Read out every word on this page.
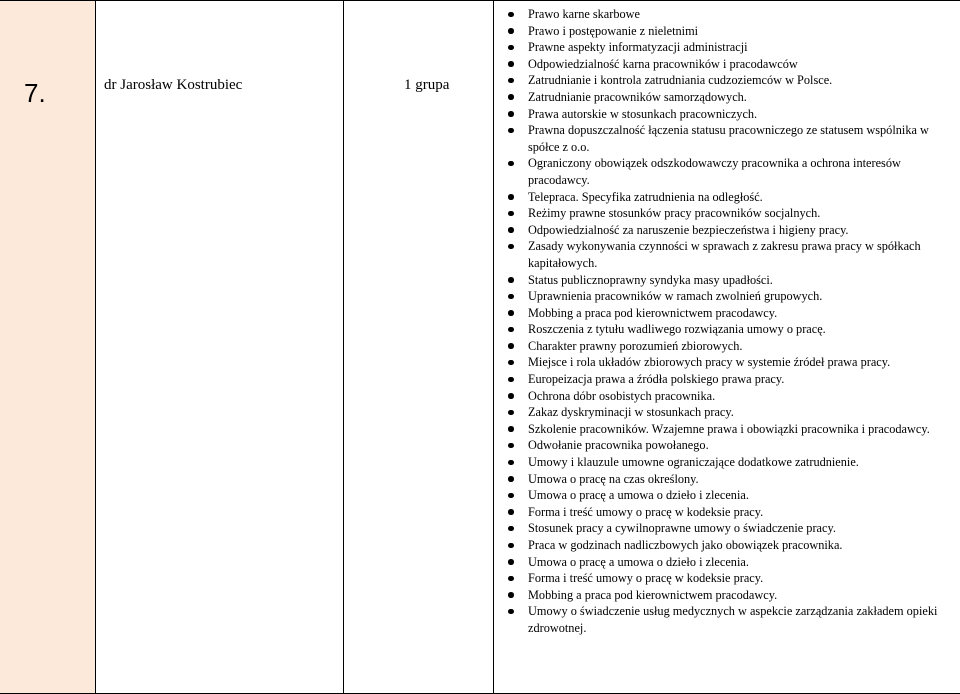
7.	dr Jarosław Kostrubiec	1 grupa
Prawo karne skarbowe
Prawo i postępowanie z nieletnimi
Prawne aspekty informatyzacji administracji
Odpowiedzialność karna pracowników i pracodawców
Zatrudnianie i kontrola zatrudniania cudzoziemców w Polsce.
Zatrudnianie pracowników samorządowych.
Prawa autorskie w stosunkach pracowniczych.
Prawna dopuszczalność łączenia statusu pracowniczego ze statusem wspólnika w spółce z o.o.
Ograniczony obowiązek odszkodowawczy pracownika a ochrona interesów pracodawcy.
Telepraca. Specyfika zatrudnienia na odległość.
Reżimy prawne stosunków pracy pracowników socjalnych.
Odpowiedzialność za naruszenie bezpieczeństwa i higieny pracy.
Zasady wykonywania czynności w sprawach z zakresu prawa pracy w spółkach kapitałowych.
Status publicznoprawny syndyka masy upadłości.
Uprawnienia pracowników w ramach zwolnień grupowych.
Mobbing a praca pod kierownictwem pracodawcy.
Roszczenia z tytułu wadliwego rozwiązania umowy o pracę.
Charakter prawny porozumień zbiorowych.
Miejsce i rola układów zbiorowych pracy w systemie źródeł prawa pracy.
Europeizacja prawa a źródła polskiego prawa pracy.
Ochrona dóbr osobistych pracownika.
Zakaz dyskryminacji w stosunkach pracy.
Szkolenie pracowników. Wzajemne prawa i obowiązki pracownika i pracodawcy.
Odwołanie pracownika powołanego.
Umowy i klauzule umowne ograniczające dodatkowe zatrudnienie.
Umowa o pracę na czas określony.
Umowa o pracę a umowa o dzieło i zlecenia.
Forma i treść umowy o pracę w kodeksie pracy.
Stosunek pracy a cywilnoprawne umowy o świadczenie pracy.
Praca w godzinach nadliczbowych jako obowiązek pracownika.
Umowa o pracę a umowa o dzieło i zlecenia.
Forma i treść umowy o pracę w kodeksie pracy.
Mobbing a praca pod kierownictwem pracodawcy.
Umowy o świadczenie usług medycznych w aspekcie zarządzania zakładem opieki zdrowotnej.
